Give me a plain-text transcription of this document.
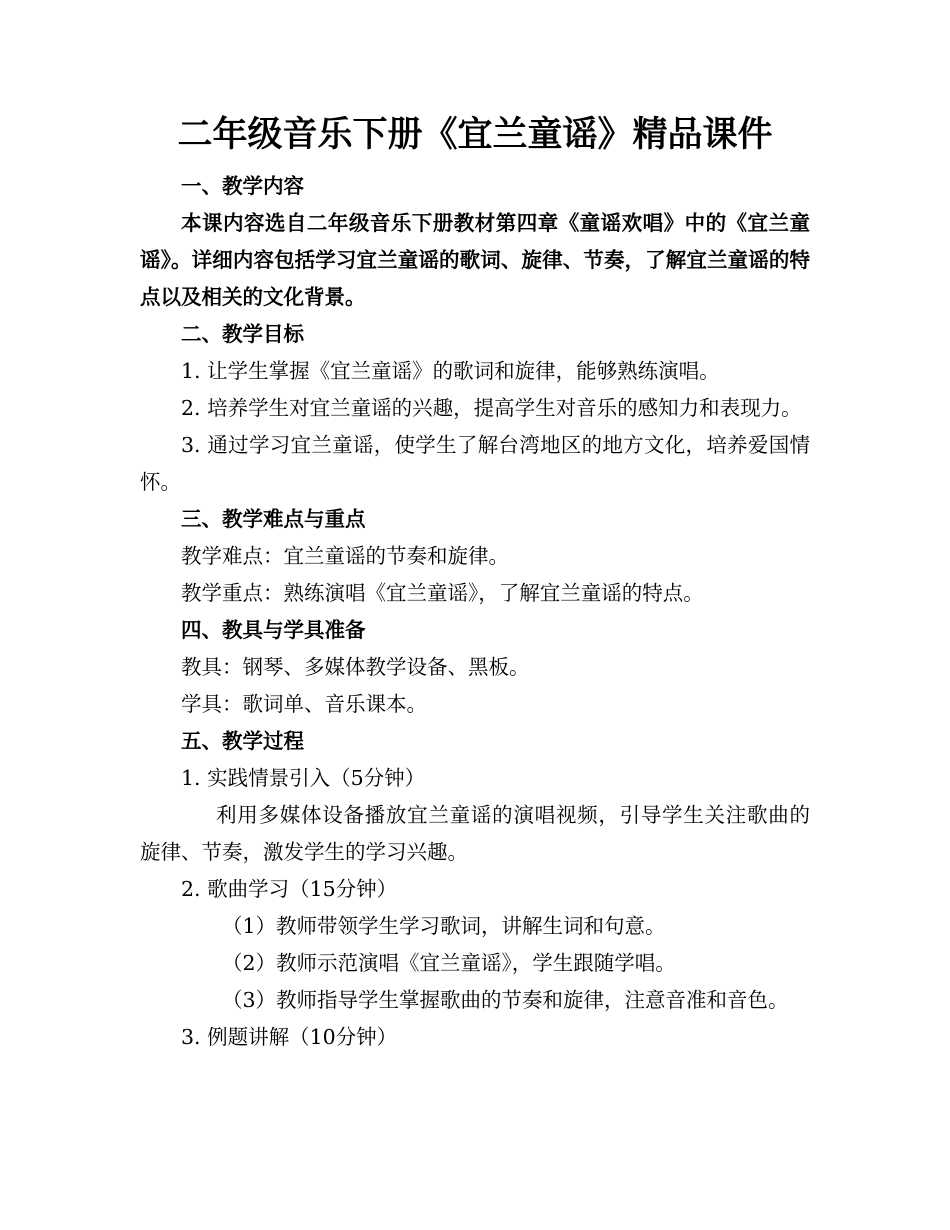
二年级音乐下册《宜兰童谣》精品课件

一、教学内容

本课内容选自二年级音乐下册教材第四章《童谣欢唱》中的《宜兰童谣》。详细内容包括学习宜兰童谣的歌词、旋律、节奏，了解宜兰童谣的特点以及相关的文化背景。

二、教学目标

1. 让学生掌握《宜兰童谣》的歌词和旋律，能够熟练演唱。

2. 培养学生对宜兰童谣的兴趣，提高学生对音乐的感知力和表现力。

3. 通过学习宜兰童谣，使学生了解台湾地区的地方文化，培养爱国情怀。

三、教学难点与重点

教学难点：宜兰童谣的节奏和旋律。

教学重点：熟练演唱《宜兰童谣》，了解宜兰童谣的特点。

四、教具与学具准备

教具：钢琴、多媒体教学设备、黑板。

学具：歌词单、音乐课本。

五、教学过程

1. 实践情景引入（5分钟）

利用多媒体设备播放宜兰童谣的演唱视频，引导学生关注歌曲的旋律、节奏，激发学生的学习兴趣。

2. 歌曲学习（15分钟）

（1）教师带领学生学习歌词，讲解生词和句意。

（2）教师示范演唱《宜兰童谣》，学生跟随学唱。

（3）教师指导学生掌握歌曲的节奏和旋律，注意音准和音色。

3. 例题讲解（10分钟）
